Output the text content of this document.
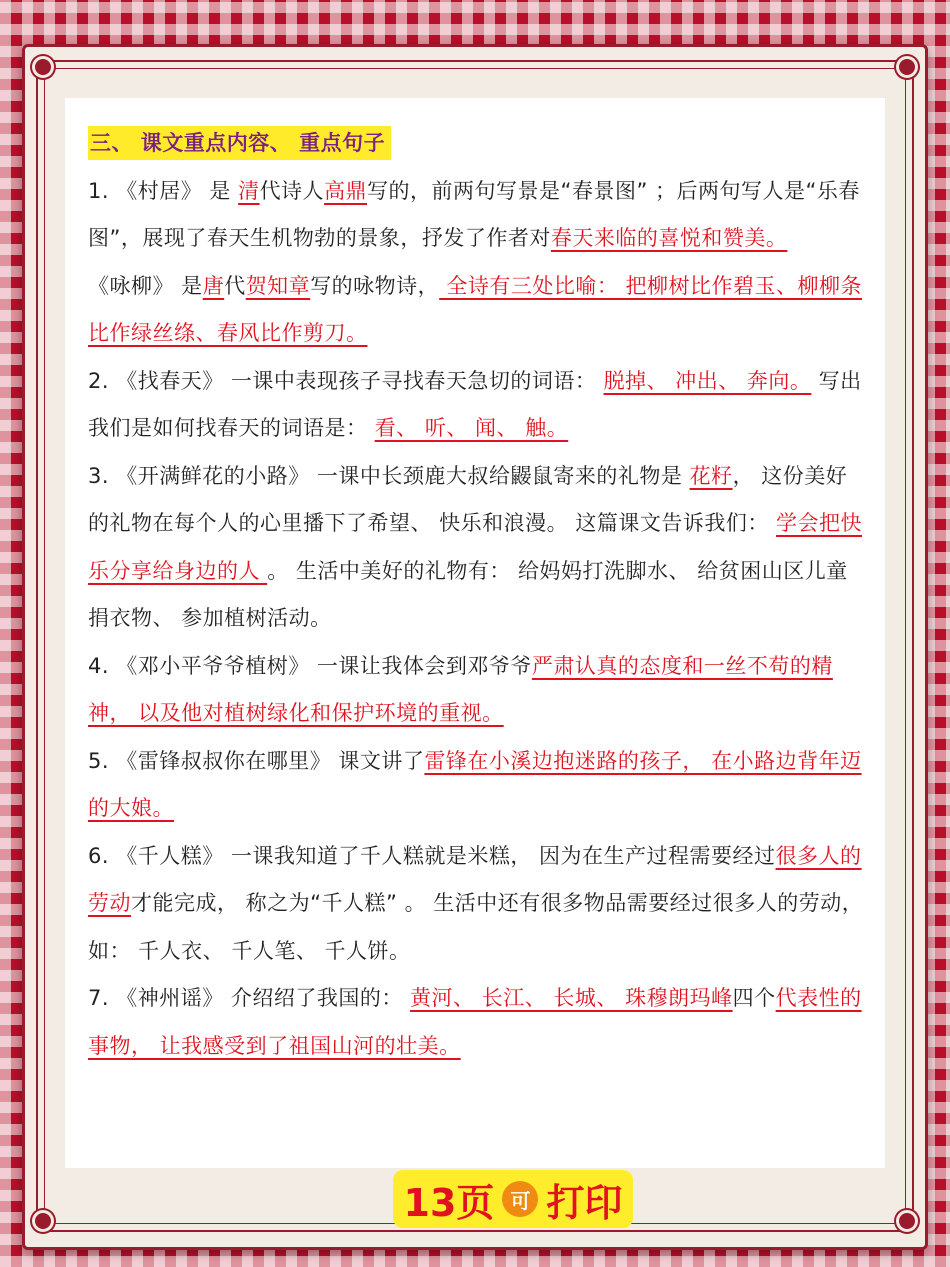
三、 课文重点内容、 重点句子

1. 《村居》 是 清代诗人高鼎写的，前两句写景是“春景图” ；后两句写人是“乐春图”，展现了春天生机物勃的景象，抒发了作者对春天来临的喜悦和赞美。

《咏柳》 是唐代贺知章写的咏物诗， 全诗有三处比喻： 把柳树比作碧玉、柳柳条比作绿丝绦、春风比作剪刀。

2. 《找春天》 一课中表现孩子寻找春天急切的词语： 脱掉、 冲出、 奔向。 写出我们是如何找春天的词语是： 看、 听、 闻、 触。

3. 《开满鲜花的小路》 一课中长颈鹿大叔给鼹鼠寄来的礼物是 花籽， 这份美好的礼物在每个人的心里播下了希望、 快乐和浪漫。 这篇课文告诉我们： 学会把快乐分享给身边的人 。 生活中美好的礼物有： 给妈妈打洗脚水、 给贫困山区儿童捐衣物、 参加植树活动。

4. 《邓小平爷爷植树》 一课让我体会到邓爷爷严肃认真的态度和一丝不苟的精神， 以及他对植树绿化和保护环境的重视。

5. 《雷锋叔叔你在哪里》 课文讲了雷锋在小溪边抱迷路的孩子， 在小路边背年迈的大娘。

6. 《千人糕》 一课我知道了千人糕就是米糕， 因为在生产过程需要经过很多人的劳动才能完成， 称之为“千人糕” 。 生活中还有很多物品需要经过很多人的劳动， 如： 千人衣、 千人笔、 千人饼。

7. 《神州谣》 介绍绍了我国的： 黄河、 长江、 长城、 珠穆朗玛峰四个代表性的事物， 让我感受到了祖国山河的壮美。

13页 可 打印
